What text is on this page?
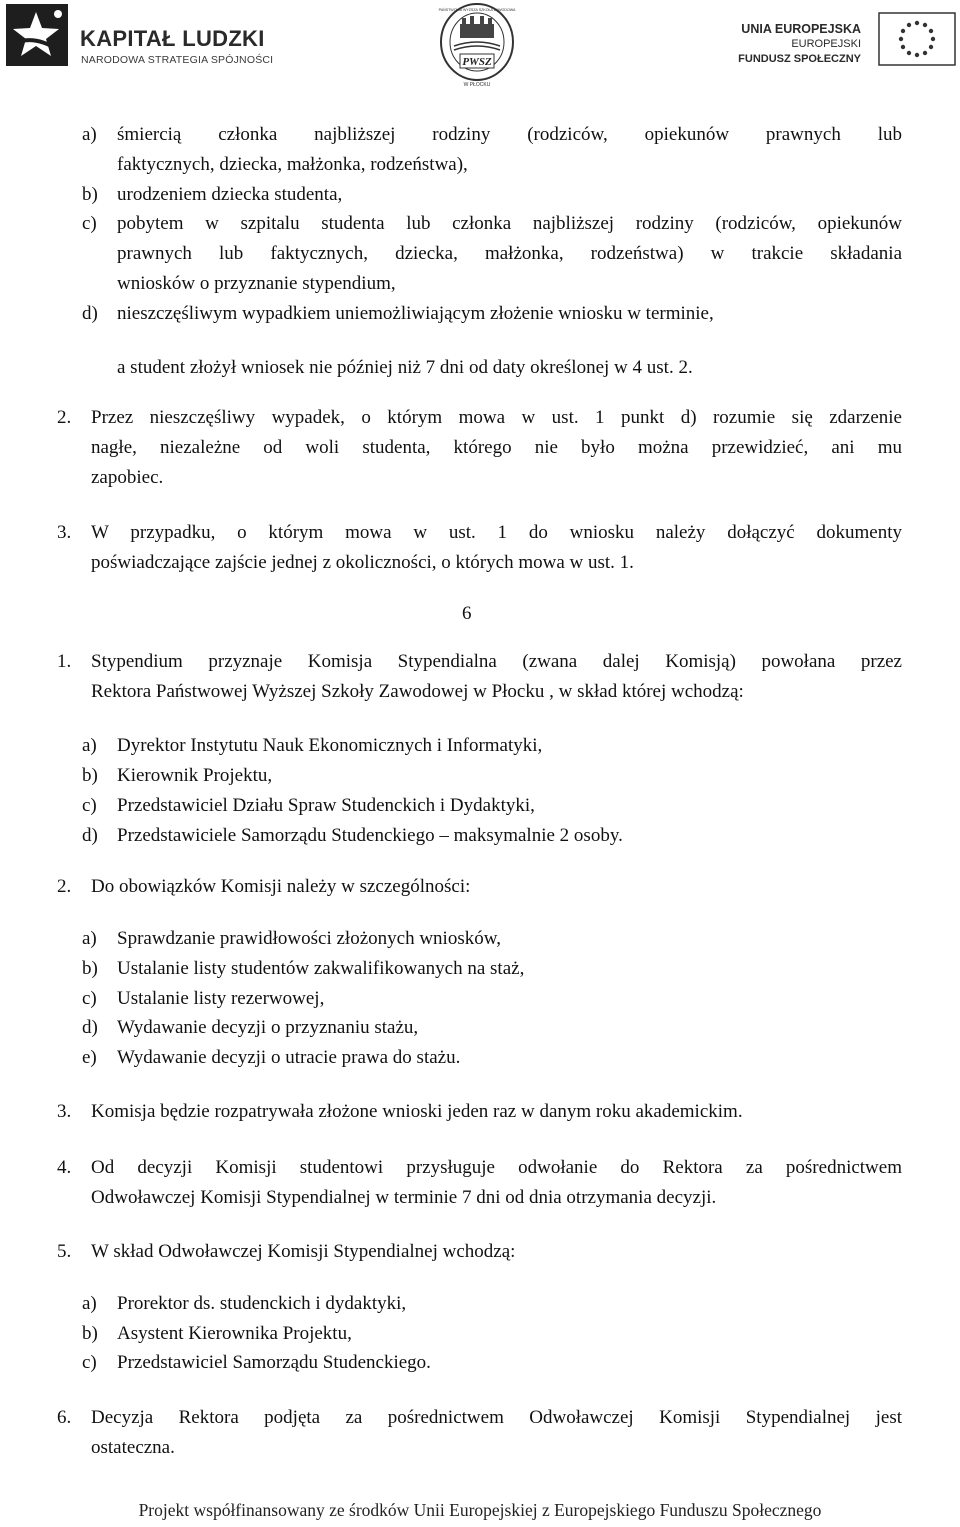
KAPITAŁ LUDZKI
NARODOWA STRATEGIA SPÓJNOŚCI	PWSZ
PAŃSTWOWA WYŻSZA SZKOŁA ZAWODOWA
W PŁOCKU
UNIA EUROPEJSKA
EUROPEJSKI
FUNDUSZ SPOŁECZNY
a) śmiercią członka najbliższej rodziny (rodziców, opiekunów prawnych lub
faktycznych, dziecka, małżonka, rodzeństwa),
b) urodzeniem dziecka studenta,
c) pobytem w szpitalu studenta lub członka najbliższej rodziny (rodziców, opiekunów
prawnych lub faktycznych, dziecka, małżonka, rodzeństwa) w trakcie składania
wniosków o przyznanie stypendium,
d) nieszczęśliwym wypadkiem uniemożliwiającym złożenie wniosku w terminie,
a student złożył wniosek nie później niż 7 dni od daty określonej w 4 ust. 2.
2. Przez nieszczęśliwy wypadek, o którym mowa w ust. 1 punkt d) rozumie się zdarzenie
nagłe, niezależne od woli studenta, którego nie było można przewidzieć, ani mu
zapobiec.
3. W przypadku, o którym mowa w ust. 1 do wniosku należy dołączyć dokumenty
poświadczające zajście jednej z okoliczności, o których mowa w ust. 1.
6
1. Stypendium przyznaje Komisja Stypendialna (zwana dalej Komisją) powołana przez
Rektora Państwowej Wyższej Szkoły Zawodowej w Płocku , w skład której wchodzą:
a) Dyrektor Instytutu Nauk Ekonomicznych i Informatyki,
b) Kierownik Projektu,
c) Przedstawiciel Działu Spraw Studenckich i Dydaktyki,
d) Przedstawiciele Samorządu Studenckiego – maksymalnie 2 osoby.
2. Do obowiązków Komisji należy w szczególności:
a) Sprawdzanie prawidłowości złożonych wniosków,
b) Ustalanie listy studentów zakwalifikowanych na staż,
c) Ustalanie listy rezerwowej,
d) Wydawanie decyzji o przyznaniu stażu,
e) Wydawanie decyzji o utracie prawa do stażu.
3. Komisja będzie rozpatrywała złożone wnioski jeden raz w danym roku akademickim.
4. Od decyzji Komisji studentowi przysługuje odwołanie do Rektora za pośrednictwem
Odwoławczej Komisji Stypendialnej w terminie 7 dni od dnia otrzymania decyzji.
5. W skład Odwoławczej Komisji Stypendialnej wchodzą:
a) Prorektor ds. studenckich i dydaktyki,
b) Asystent Kierownika Projektu,
c) Przedstawiciel Samorządu Studenckiego.
6. Decyzja Rektora podjęta za pośrednictwem Odwoławczej Komisji Stypendialnej jest
ostateczna.
Projekt współfinansowany ze środków Unii Europejskiej z Europejskiego Funduszu Społecznego
